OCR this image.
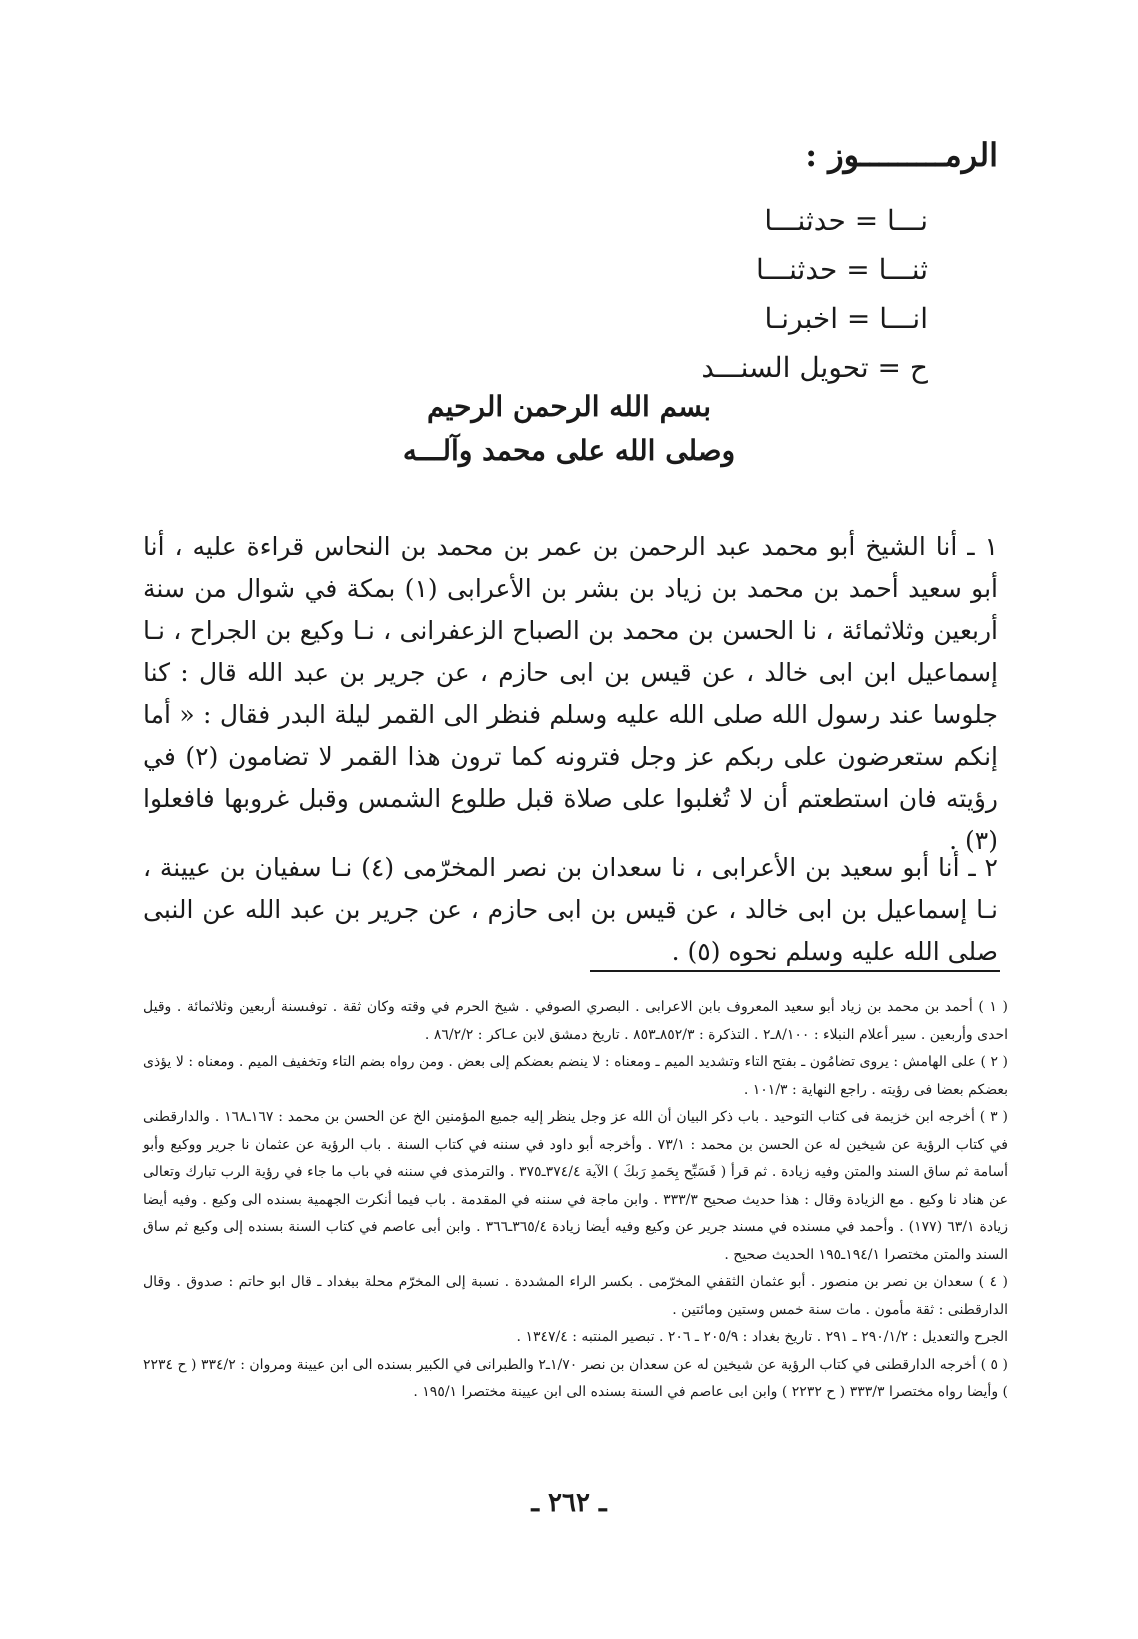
الرمـــــــــوز :
نـــا = حدثنـــا
ثنـــا = حدثنـــا
انـــا = اخبرنـا
ح = تحويل السنـــد
بسم الله الرحمن الرحيم
وصلى الله على محمد وآلـــه

١ ـ أنا الشيخ أبو محمد عبد الرحمن بن عمر بن محمد بن النحاس قراءة عليه ، أنا أبو سعيد أحمد بن محمد بن زياد بن بشر بن الأعرابى (١) بمكة في شوال من سنة أربعين وثلاثمائة ، نا الحسن بن محمد بن الصباح الزعفرانى ، نـا وكيع بن الجراح ، نـا إسماعيل ابن ابى خالد ، عن قيس بن ابى حازم ، عن جرير بن عبد الله قال : كنا جلوسا عند رسول الله صلى الله عليه وسلم فنظر الى القمر ليلة البدر فقال : « أما إنكم ستعرضون على ربكم عز وجل فترونه كما ترون هذا القمر لا تضامون (٢) في رؤيته فان استطعتم أن لا تُغلبوا على صلاة قبل طلوع الشمس وقبل غروبها فافعلوا (٣) .

٢ ـ أنا أبو سعيد بن الأعرابى ، نا سعدان بن نصر المخرّمى (٤) نـا سفيان بن عيينة ، نـا إسماعيل بن ابى خالد ، عن قيس بن ابى حازم ، عن جرير بن عبد الله عن النبى صلى الله عليه وسلم نحوه (٥) .

( ١ ) أحمد بن محمد بن زياد أبو سعيد المعروف بابن الاعرابى . البصري الصوفي . شيخ الحرم في وقته وكان ثقة . توفىسنة أربعين وثلاثمائة . وقيل احدى وأربعين . سير أعلام النبلاء : ٨/١٠٠ـ٢ . التذكرة : ٨٥٢/٣ـ٨٥٣ . تاريخ دمشق لابن عـاكر : ٨٦/٢/٢ .

( ٢ ) على الهامش : يروى تضامُون ـ بفتح التاء وتشديد الميم ـ ومعناه : لا ينضم بعضكم إلى بعض . ومن رواه بضم التاء وتخفيف الميم . ومعناه : لا يؤذى بعضكم بعضا فى رؤيته . راجع النهاية : ١٠١/٣ .

( ٣ ) أخرجه ابن خزيمة فى كتاب التوحيد . باب ذكر البيان أن الله عز وجل ينظر إليه جميع المؤمنين الخ عن الحسن بن محمد : ١٦٧ـ١٦٨ . والدارقطنى في كتاب الرؤية عن شيخين له عن الحسن بن محمد : ٧٣/١ . وأخرجه أبو داود في سننه في كتاب السنة . باب الرؤية عن عثمان نا جرير ووكيع وأبو أسامة ثم ساق السند والمتن وفيه زيادة . ثم قرأ ( فَسَبِّح بِحَمدِ رَبكَ ) الآية ٣٧٤/٤ـ٣٧٥ . والترمذى في سننه في باب ما جاء في رؤية الرب تبارك وتعالى عن هناد نا وكيع . مع الزيادة وقال : هذا حديث صحيح ٣٣٣/٣ . وابن ماجة في سننه في المقدمة . باب فيما أنكرت الجهمية بسنده الى وكيع . وفيه أيضا زيادة ٦٣/١ (١٧٧) . وأحمد في مسنده في مسند جرير عن وكيع وفيه أيضا زيادة ٣٦٥/٤ـ٣٦٦ . وابن أبى عاصم في كتاب السنة بسنده إلى وكيع ثم ساق السند والمتن مختصرا ١٩٤/١ـ١٩٥ الحديث صحيح .

( ٤ ) سعدان بن نصر بن منصور . أبو عثمان الثقفي المخرّمى . بكسر الراء المشددة . نسبة إلى المخرّم محلة ببغداد ـ قال ابو حاتم : صدوق . وقال الدارقطنى : ثقة مأمون . مات سنة خمس وستين ومائتين .

الجرح والتعديل : ٢٩٠/١/٢ ـ ٢٩١ . تاريخ بغداد : ٢٠٥/٩ ـ ٢٠٦ . تبصير المنتبه : ١٣٤٧/٤ .

( ٥ ) أخرجه الدارقطنى في كتاب الرؤية عن شيخين له عن سعدان بن نصر ١/٧٠ـ٢ والطبرانى في الكبير بسنده الى ابن عيينة ومروان : ٣٣٤/٢ ( ح ٢٢٣٤ ) وأيضا رواه مختصرا ٣٣٣/٣ ( ح ٢٢٣٢ ) وابن ابى عاصم في السنة بسنده الى ابن عيينة مختصرا ١٩٥/١ .

ـ ٢٦٢ ـ
